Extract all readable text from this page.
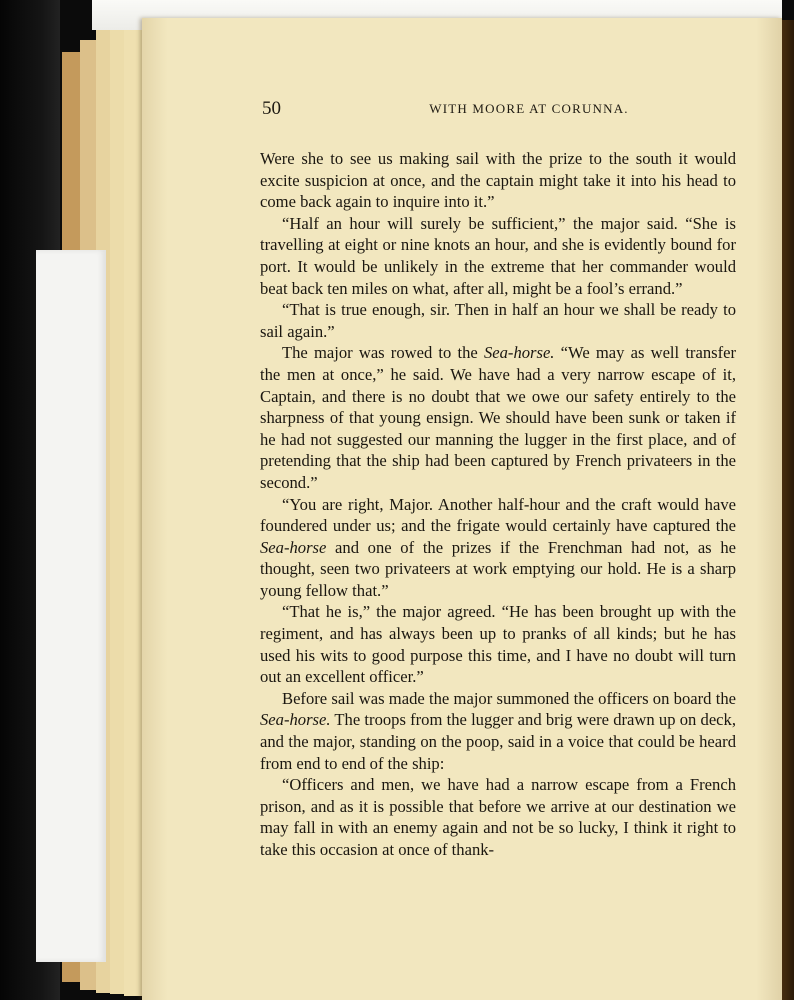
50	WITH MOORE AT CORUNNA.

Were she to see us making sail with the prize to the south it would excite suspicion at once, and the captain might take it into his head to come back again to inquire into it.”

“Half an hour will surely be sufficient,” the major said. “She is travelling at eight or nine knots an hour, and she is evidently bound for port. It would be unlikely in the extreme that her commander would beat back ten miles on what, after all, might be a fool’s errand.”

“That is true enough, sir. Then in half an hour we shall be ready to sail again.”

The major was rowed to the Sea-horse. “We may as well transfer the men at once,” he said. We have had a very narrow escape of it, Captain, and there is no doubt that we owe our safety entirely to the sharpness of that young ensign. We should have been sunk or taken if he had not suggested our manning the lugger in the first place, and of pretending that the ship had been captured by French privateers in the second.”

“You are right, Major. Another half-hour and the craft would have foundered under us; and the frigate would certainly have captured the Sea-horse and one of the prizes if the Frenchman had not, as he thought, seen two privateers at work emptying our hold. He is a sharp young fellow that.”

“That he is,” the major agreed. “He has been brought up with the regiment, and has always been up to pranks of all kinds; but he has used his wits to good purpose this time, and I have no doubt will turn out an excellent officer.”

Before sail was made the major summoned the officers on board the Sea-horse. The troops from the lugger and brig were drawn up on deck, and the major, standing on the poop, said in a voice that could be heard from end to end of the ship:

“Officers and men, we have had a narrow escape from a French prison, and as it is possible that before we arrive at our destination we may fall in with an enemy again and not be so lucky, I think it right to take this occasion at once of thank-
